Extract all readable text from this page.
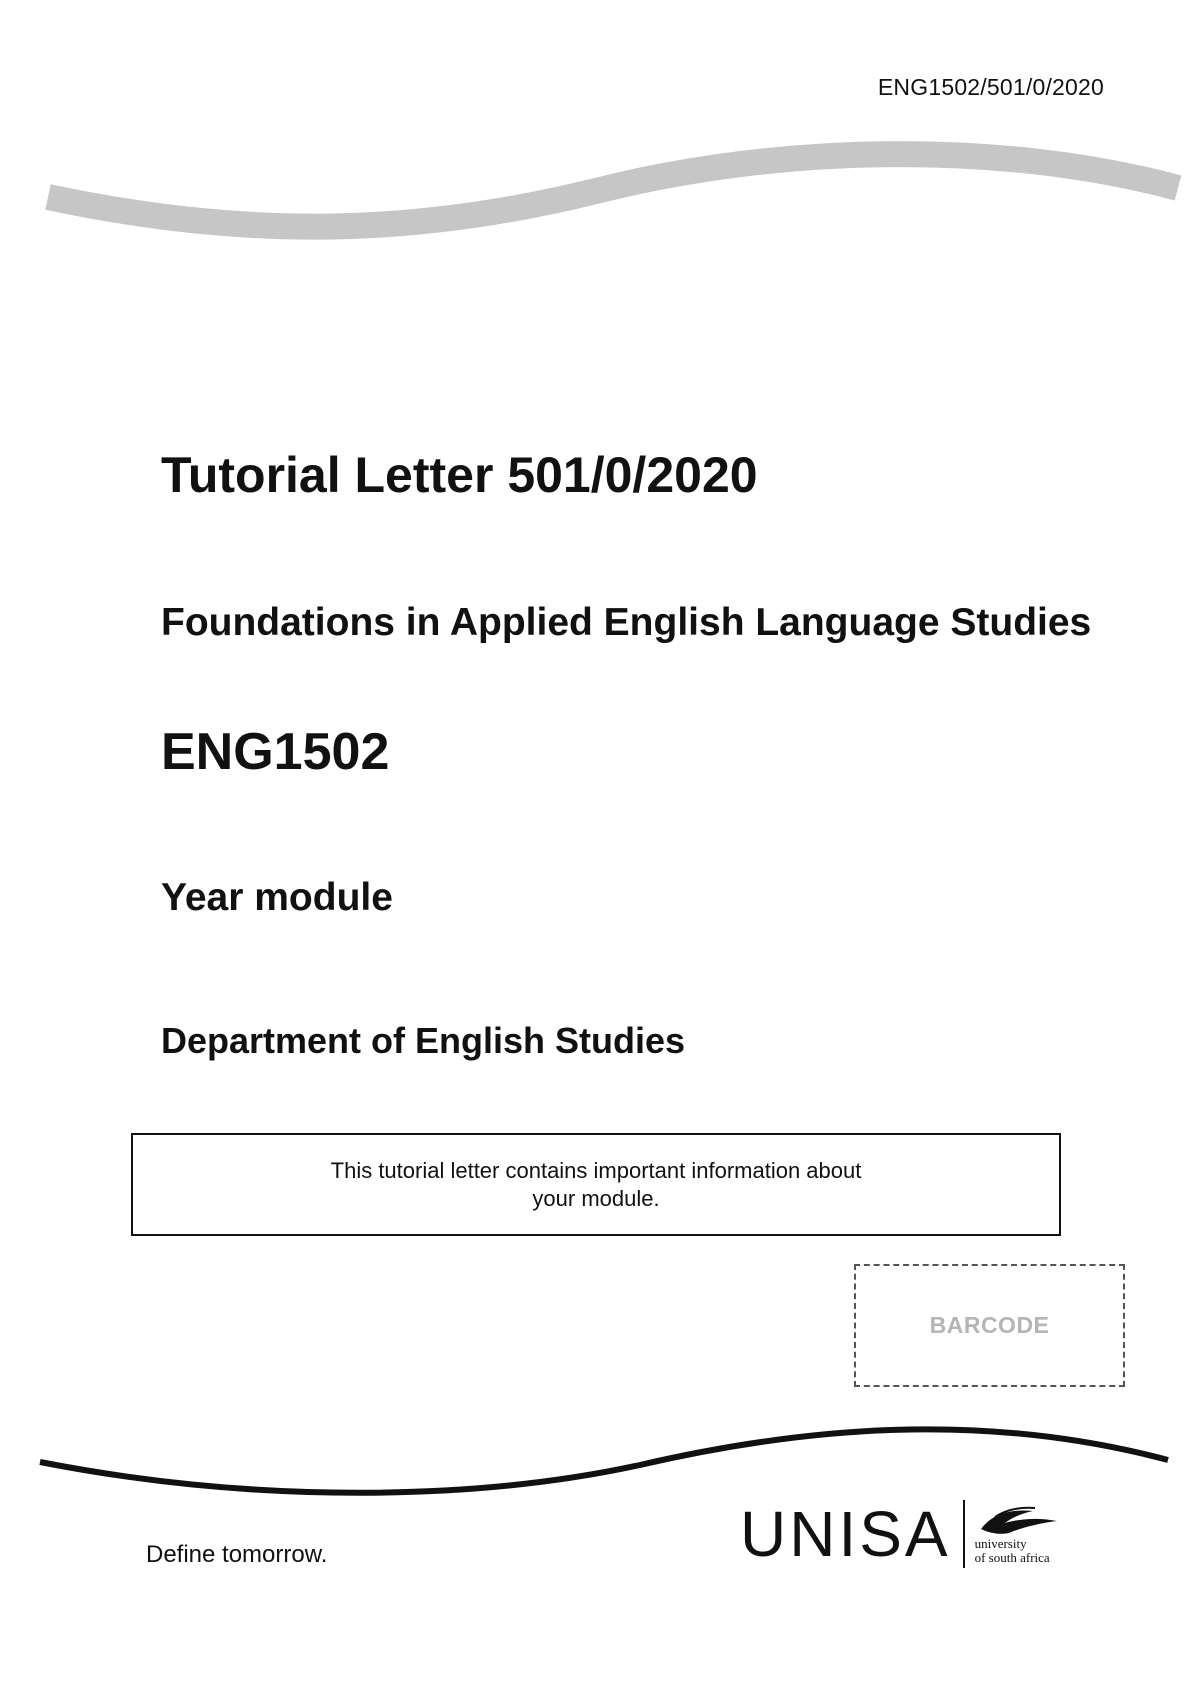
ENG1502/501/0/2020
Tutorial Letter 501/0/2020
Foundations in Applied English Language Studies
ENG1502
Year module
Department of English Studies
This tutorial letter contains important information about your module.
BARCODE
Define tomorrow.	UNISA university
of south africa
